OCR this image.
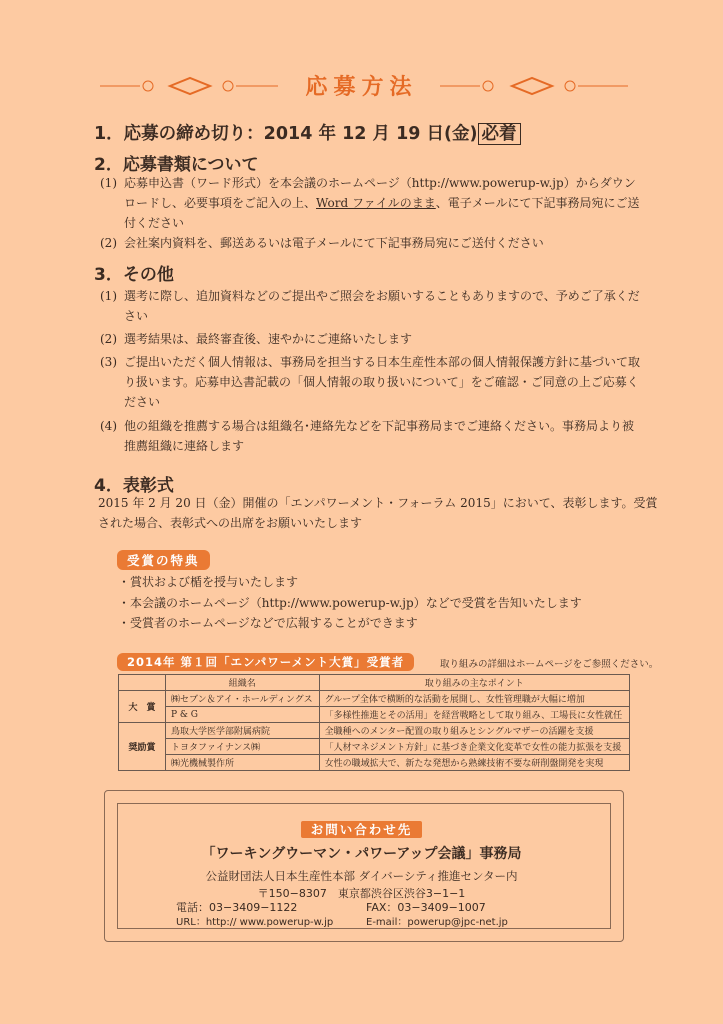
応募方法
1．応募の締め切り：2014 年 12 月 19 日(金) 必着
2．応募書類について
(1) 応募申込書（ワード形式）を本会議のホームページ（http://www.powerup-w.jp）からダウンロードし、必要事項をご記入の上、Word ファイルのまま、電子メールにて下記事務局宛にご送付ください
(2) 会社案内資料を、郵送あるいは電子メールにて下記事務局宛にご送付ください
3．その他
(1) 選考に際し、追加資料などのご提出やご照会をお願いすることもありますので、予めご了承ください
(2) 選考結果は、最終審査後、速やかにご連絡いたします
(3) ご提出いただく個人情報は、事務局を担当する日本生産性本部の個人情報保護方針に基づいて取り扱います。応募申込書記載の「個人情報の取り扱いについて」をご確認・ご同意の上ご応募ください
(4) 他の組織を推薦する場合は組織名･連絡先などを下記事務局までご連絡ください。事務局より被推薦組織に連絡します
4．表彰式
2015 年 2 月 20 日（金）開催の「エンパワーメント・フォーラム 2015」において、表彰します。受賞された場合、表彰式への出席をお願いいたします
受賞の特典
・賞状および楯を授与いたします
・本会議のホームページ（http://www.powerup-w.jp）などで受賞を告知いたします
・受賞者のホームページなどで広報することができます
2014年 第１回「エンパワーメント大賞」受賞者	取り組みの詳細はホームページをご参照ください。
	組織名	取り組みの主なポイント
大　賞	㈱セブン＆アイ・ホールディングス	グループ全体で横断的な活動を展開し、女性管理職が大幅に増加
	P & G	「多様性推進とその活用」を経営戦略として取り組み、工場長に女性就任
奨励賞	鳥取大学医学部附属病院	全職種へのメンター配置の取り組みとシングルマザーの活躍を支援
	トヨタファイナンス㈱	「人材マネジメント方針」に基づき企業文化変革で女性の能力拡張を支援
	㈱光機械製作所	女性の職域拡大で、新たな発想から熟練技術不要な研削盤開発を実現
お問い合わせ先
「ワーキングウーマン・パワーアップ会議」事務局
公益財団法人日本生産性本部 ダイバーシティ推進センター内
〒150−8307　東京都渋谷区渋谷3−1−1
電話：03−3409−1122	FAX：03−3409−1007
URL：http:// www.powerup-w.jp	E-mail：powerup@jpc-net.jp
